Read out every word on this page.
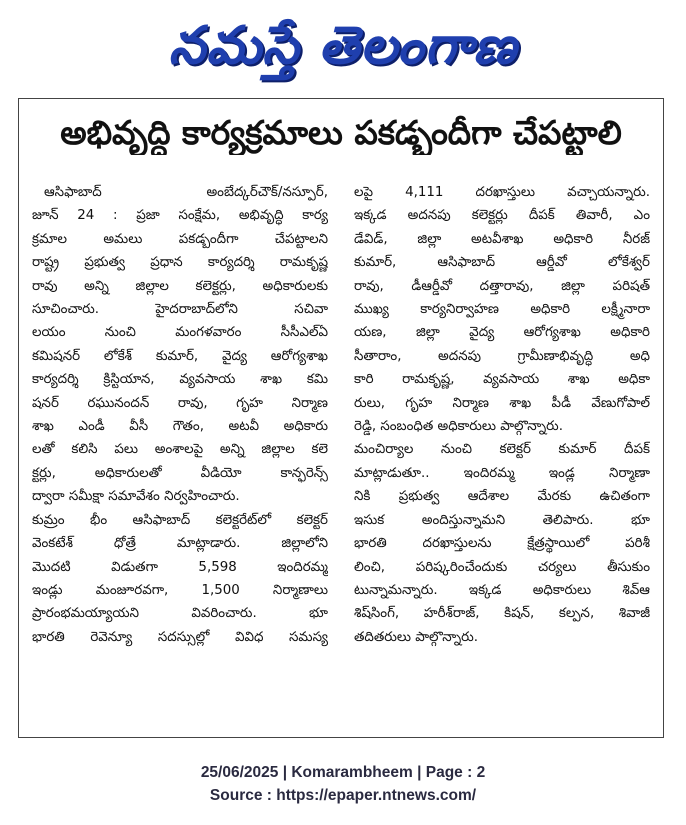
నమస్తే తెలంగాణ
అభివృద్ధి కార్యక్రమాలు పకడ్బందీగా చేపట్టాలి
ఆసిఫాబాద్ అంబేద్కర్‌చౌక్/నస్పూర్,
జూన్ 24 : ప్రజా సంక్షేమ, అభివృద్ధి కార్య
క్రమాల అమలు పకడ్బందీగా చేపట్టాలని
రాష్ట్ర ప్రభుత్వ ప్రధాన కార్యదర్శి రామకృష్ణ
రావు అన్ని జిల్లాల కలెక్టర్లు, అధికారులకు
సూచించారు. హైదరాబాద్‌లోని సచివా
లయం నుంచి మంగళవారం సీసీఎల్‌ఏ
కమిషనర్ లోకేశ్ కుమార్, వైద్య ఆరోగ్యశాఖ
కార్యదర్శి క్రిస్టియాన, వ్యవసాయ శాఖ కమి
షనర్ రఘునందన్ రావు, గృహ నిర్మాణ
శాఖ ఎండీ వీసీ గౌతం, అటవీ అధికారు
లతో కలిసి పలు అంశాలపై అన్ని జిల్లాల కలె
క్టర్లు, అధికారులతో వీడియో కాన్ఫరెన్స్
ద్వారా సమీక్షా సమావేశం నిర్వహించారు.
కుమ్రం భీం ఆసిఫాబాద్ కలెక్టరేట్‌లో కలెక్టర్
వెంకటేశ్ ధోత్రే మాట్లాడారు. జిల్లాలోని
మొదటి విడుతగా 5,598 ఇందిరమ్మ
ఇండ్లు మంజూరవగా, 1,500 నిర్మాణాలు
ప్రారంభమయ్యాయని వివరించారు. భూ
భారతి రెవెన్యూ సదస్సుల్లో వివిధ సమస్య
లపై 4,111 దరఖాస్తులు వచ్చాయన్నారు.
ఇక్కడ అదనపు కలెక్టర్లు దీపక్ తివారీ, ఎం
డేవిడ్, జిల్లా అటవీశాఖ అధికారి నీరజ్
కుమార్, ఆసిఫాబాద్ ఆర్డీవో లోకేశ్వర్
రావు, డీఆర్డీవో దత్తారావు, జిల్లా పరిషత్
ముఖ్య కార్యనిర్వాహణ అధికారి లక్ష్మీనారా
యణ, జిల్లా వైద్య ఆరోగ్యశాఖ అధికారి
సీతారాం, అదనపు గ్రామీణాభివృద్ధి అధి
కారి రామకృష్ణ, వ్యవసాయ శాఖ అధికా
రులు, గృహ నిర్మాణ శాఖ పీడీ వేణుగోపాల్
రెడ్డి, సంబంధిత అధికారులు పాల్గొన్నారు.
మంచిర్యాల నుంచి కలెక్టర్ కుమార్ దీపక్
మాట్లాడుతూ.. ఇందిరమ్మ ఇండ్ల నిర్మాణా
నికి ప్రభుత్వ ఆదేశాల మేరకు ఉచితంగా
ఇసుక అందిస్తున్నామని తెలిపారు. భూ
భారతి దరఖాస్తులను క్షేత్రస్థాయిలో పరిశీ
లించి, పరిష్కరించేందుకు చర్యలు తీసుకుం
టున్నామన్నారు. ఇక్కడ అధికారులు శివ్‌ఆ
శిష్‌సింగ్, హరీశ్‌రాజ్, కిషన్, కల్పన, శివాజీ
తదితరులు పాల్గొన్నారు.
25/06/2025 | Komarambheem | Page : 2
Source : https://epaper.ntnews.com/
